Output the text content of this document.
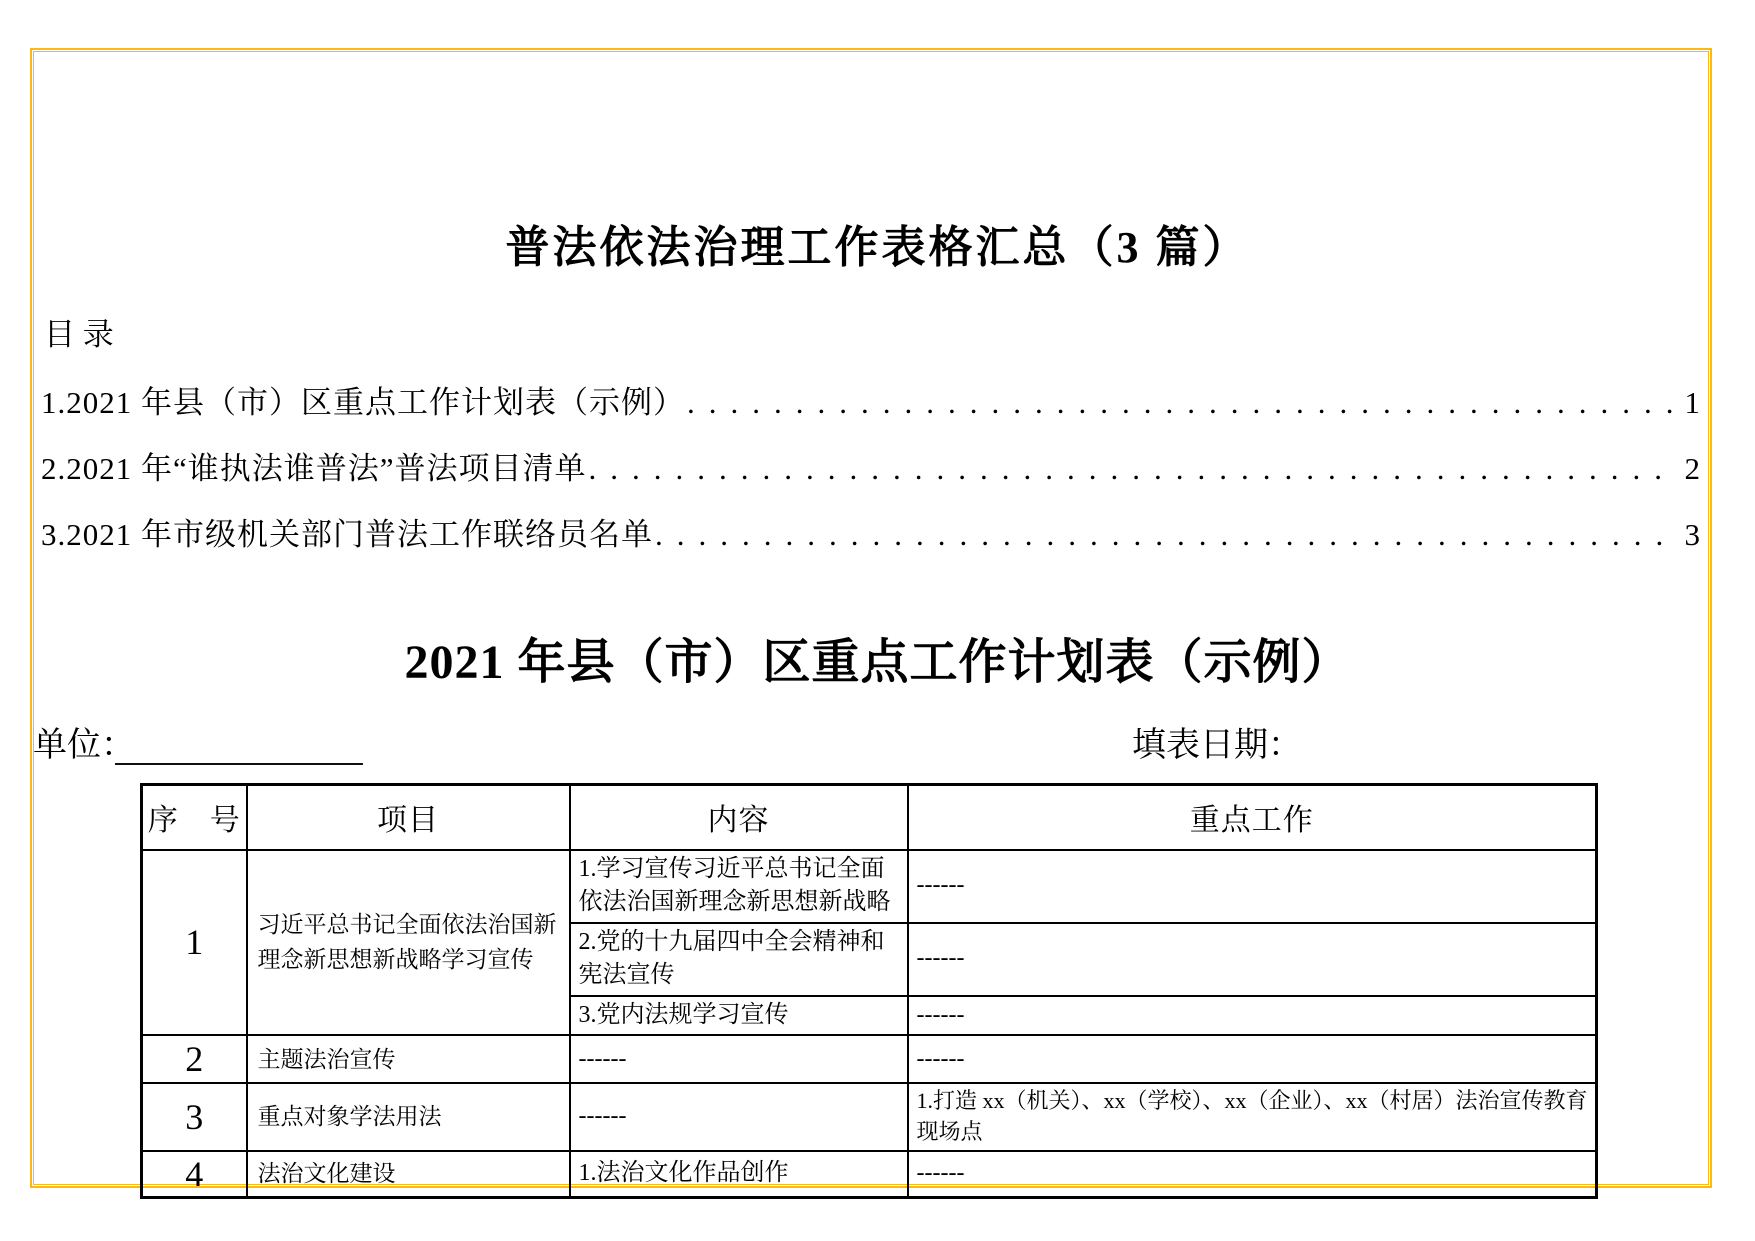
普法依法治理工作表格汇总（3 篇）
目 录
1.2021 年县（市）区重点工作计划表（示例） .....	1
2.2021 年“谁执法谁普法”普法项目清单 .....	2
3.2021 年市级机关部门普法工作联络员名单 .....	3
2021 年县（市）区重点工作计划表（示例）
单位：	填表日期：
序　号	项目	内容	重点工作
1	习近平总书记全面依法治国新理念新思想新战略学习宣传	1.学习宣传习近平总书记全面依法治国新理念新思想新战略	------
		2.党的十九届四中全会精神和宪法宣传	------
		3.党内法规学习宣传	------
2	主题法治宣传	------	------
3	重点对象学法用法	------	1.打造 xx（机关）、xx（学校）、xx（企业）、xx（村居）法治宣传教育现场点
4	法治文化建设	1.法治文化作品创作	------
